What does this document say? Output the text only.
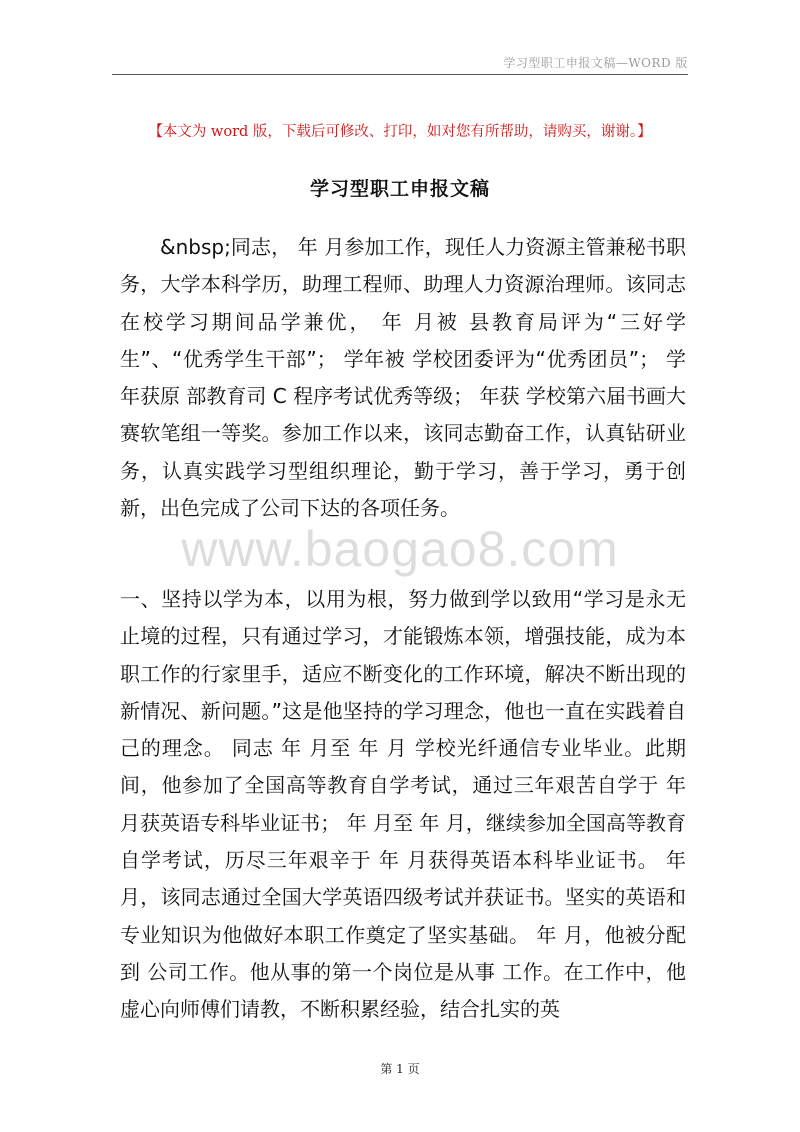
学习型职工申报文稿—WORD 版
【本文为 word 版，下载后可修改、打印，如对您有所帮助，请购买，谢谢。】
学习型职工申报文稿

&nbsp;同志， 年 月参加工作，现任人力资源主管兼秘书职务，大学本科学历，助理工程师、助理人力资源治理师。该同志在校学习期间品学兼优， 年 月被 县教育局评为“三好学生”、“优秀学生干部”； 学年被 学校团委评为“优秀团员”； 学年获原 部教育司 C 程序考试优秀等级； 年获 学校第六届书画大赛软笔组一等奖。参加工作以来，该同志勤奋工作，认真钻研业务，认真实践学习型组织理论，勤于学习，善于学习，勇于创新，出色完成了公司下达的各项任务。

www.baogao8.com

一、坚持以学为本，以用为根，努力做到学以致用“学习是永无止境的过程，只有通过学习，才能锻炼本领，增强技能，成为本职工作的行家里手，适应不断变化的工作环境，解决不断出现的新情况、新问题。”这是他坚持的学习理念，他也一直在实践着自己的理念。 同志 年 月至 年 月 学校光纤通信专业毕业。此期间，他参加了全国高等教育自学考试，通过三年艰苦自学于 年 月获英语专科毕业证书； 年 月至 年 月，继续参加全国高等教育自学考试，历尽三年艰辛于 年 月获得英语本科毕业证书。 年 月，该同志通过全国大学英语四级考试并获证书。坚实的英语和专业知识为他做好本职工作奠定了坚实基础。 年 月，他被分配到 公司工作。他从事的第一个岗位是从事 工作。在工作中，他虚心向师傅们请教，不断积累经验，结合扎实的英

第 1 页
